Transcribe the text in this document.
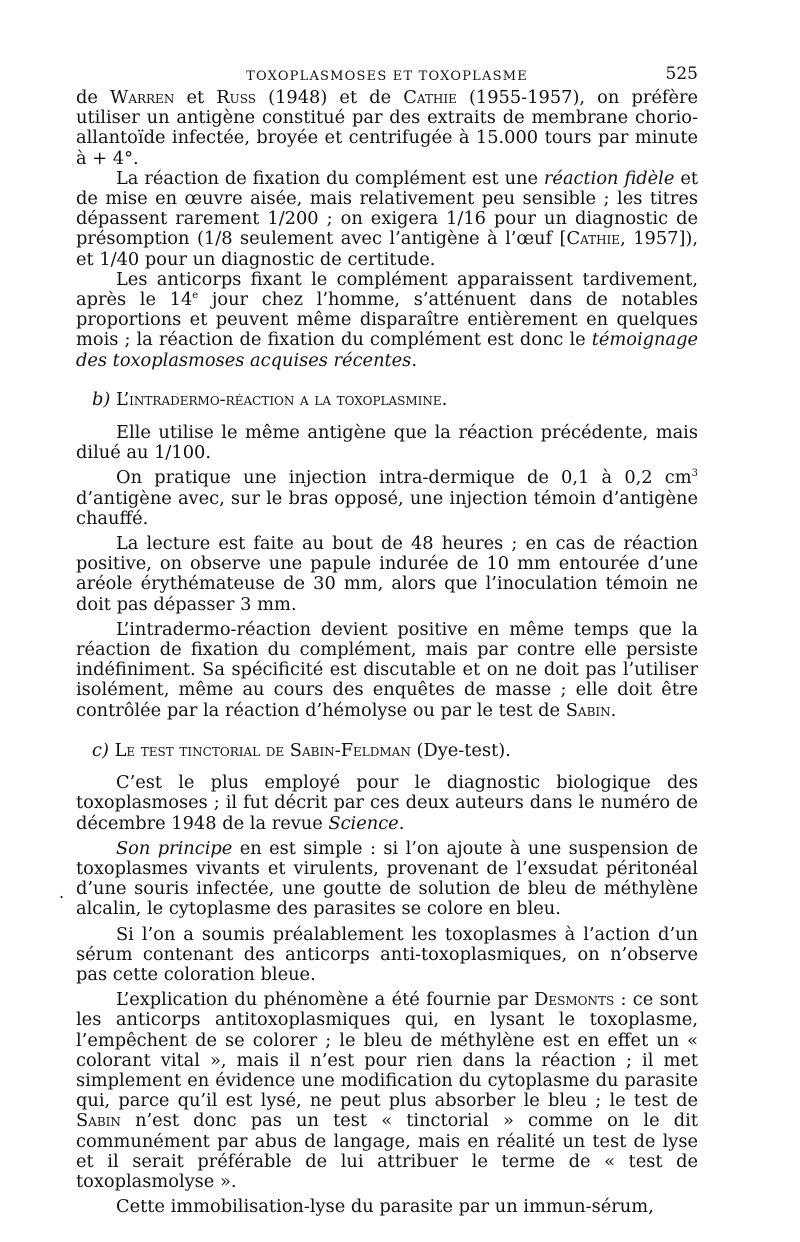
TOXOPLASMOSES ET TOXOPLASME	525

de Warren et Russ (1948) et de Cathie (1955-1957), on préfère utiliser un antigène constitué par des extraits de membrane chorio-allantoïde infectée, broyée et centrifugée à 15.000 tours par minute à + 4°.

La réaction de fixation du complément est une réaction fidèle et de mise en œuvre aisée, mais relativement peu sensible ; les titres dépassent rarement 1/200 ; on exigera 1/16 pour un diagnostic de présomption (1/8 seulement avec l’antigène à l’œuf [Cathie, 1957]), et 1/40 pour un diagnostic de certitude.

Les anticorps fixant le complément apparaissent tardivement, après le 14e jour chez l’homme, s’atténuent dans de notables proportions et peuvent même disparaître entièrement en quelques mois ; la réaction de fixation du complément est donc le témoignage des toxoplasmoses acquises récentes.

b) L’intradermo-réaction a la toxoplasmine.

Elle utilise le même antigène que la réaction précédente, mais dilué au 1/100.

On pratique une injection intra-dermique de 0,1 à 0,2 $cm^3$ d’antigène avec, sur le bras opposé, une injection témoin d’antigène chauffé.

La lecture est faite au bout de 48 heures ; en cas de réaction positive, on observe une papule indurée de 10 mm entourée d’une aréole érythémateuse de 30 mm, alors que l’inoculation témoin ne doit pas dépasser 3 mm.

L’intradermo-réaction devient positive en même temps que la réaction de fixation du complément, mais par contre elle persiste indéfiniment. Sa spécificité est discutable et on ne doit pas l’utiliser isolément, même au cours des enquêtes de masse ; elle doit être contrôlée par la réaction d’hémolyse ou par le test de Sabin.

c) Le test tinctorial de Sabin-Feldman (Dye-test).

C’est le plus employé pour le diagnostic biologique des toxoplasmoses ; il fut décrit par ces deux auteurs dans le numéro de décembre 1948 de la revue Science.

Son principe en est simple : si l’on ajoute à une suspension de toxoplasmes vivants et virulents, provenant de l’exsudat péritonéal d’une souris infectée, une goutte de solution de bleu de méthylène alcalin, le cytoplasme des parasites se colore en bleu.

Si l’on a soumis préalablement les toxoplasmes à l’action d’un sérum contenant des anticorps anti-toxoplasmiques, on n’observe pas cette coloration bleue.

L’explication du phénomène a été fournie par Desmonts : ce sont les anticorps antitoxoplasmiques qui, en lysant le toxoplasme, l’empêchent de se colorer ; le bleu de méthylène est en effet un « colorant vital », mais il n’est pour rien dans la réaction ; il met simplement en évidence une modification du cytoplasme du parasite qui, parce qu’il est lysé, ne peut plus absorber le bleu ; le test de Sabin n’est donc pas un test « tinctorial » comme on le dit communément par abus de langage, mais en réalité un test de lyse et il serait préférable de lui attribuer le terme de « test de toxoplasmolyse ».

Cette immobilisation-lyse du parasite par un immun-sérum,

.
